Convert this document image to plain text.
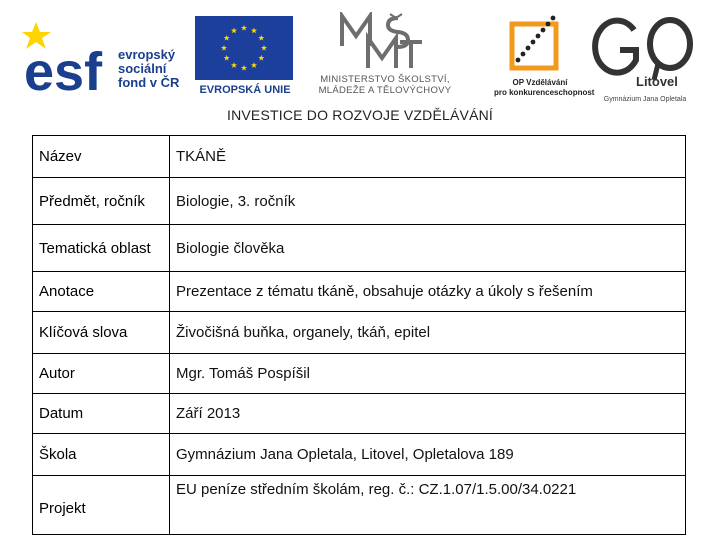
esf evropský
sociální
fond v ČR	EVROPSKÁ UNIE
MINISTERSTVO ŠKOLSTVÍ,
MLÁDEŽE A TĚLOVÝCHOVY
OP Vzdělávání
pro konkurenceschopnost
Litovel
Gymnázium Jana Opletala
INVESTICE DO ROZVOJE VZDĚLÁVÁNÍ
Název	TKÁNĚ
Předmět, ročník	Biologie, 3. ročník
Tematická oblast	Biologie člověka
Anotace	Prezentace z tématu tkáně, obsahuje otázky a úkoly s řešením
Klíčová slova	Živočišná buňka, organely, tkáň, epitel
Autor	Mgr. Tomáš Pospíšil
Datum	Září 2013
Škola	Gymnázium Jana Opletala, Litovel, Opletalova 189
Projekt	EU peníze středním školám, reg. č.: CZ.1.07/1.5.00/34.0221
